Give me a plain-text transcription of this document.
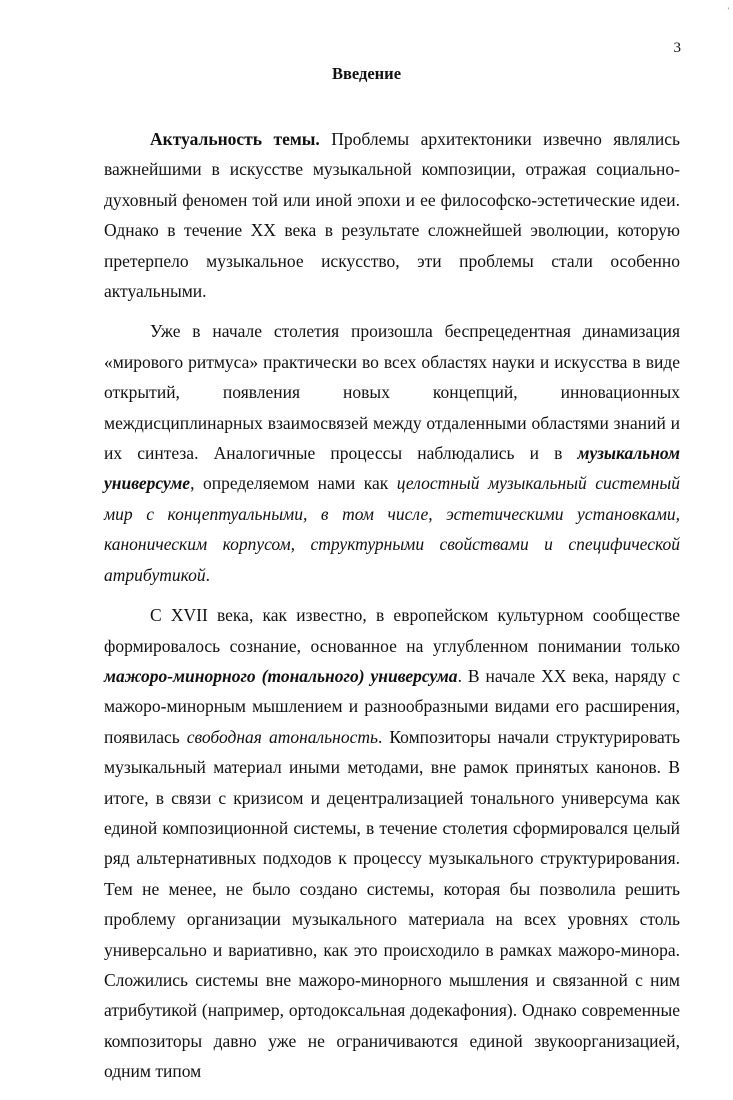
'
3
Введение

Актуальность темы. Проблемы архитектоники извечно являлись важнейшими в искусстве музыкальной композиции, отражая социально-духовный феномен той или иной эпохи и ее философско-эстетические идеи. Однако в течение XX века в результате сложнейшей эволюции, которую претерпело музыкальное искусство, эти проблемы стали особенно актуальными.

Уже в начале столетия произошла беспрецедентная динамизация «мирового ритмуса» практически во всех областях науки и искусства в виде открытий, появления новых концепций, инновационных междисциплинарных взаимосвязей между отдаленными областями знаний и их синтеза. Аналогичные процессы наблюдались и в музыкальном универсуме, определяемом нами как целостный музыкальный системный мир с концептуальными, в том числе, эстетическими установками, каноническим корпусом, структурными свойствами и специфической атрибутикой.

С XVII века, как известно, в европейском культурном сообществе формировалось сознание, основанное на углубленном понимании только мажоро-минорного (тонального) универсума. В начале XX века, наряду с мажоро-минорным мышлением и разнообразными видами его расширения, появилась свободная атональность. Композиторы начали структурировать музыкальный материал иными методами, вне рамок принятых канонов. В итоге, в связи с кризисом и децентрализацией тонального универсума как единой композиционной системы, в течение столетия сформировался целый ряд альтернативных подходов к процессу музыкального структурирования. Тем не менее, не было создано системы, которая бы позволила решить проблему организации музыкального материала на всех уровнях столь универсально и вариативно, как это происходило в рамках мажоро-минора. Сложились системы вне мажоро-минорного мышления и связанной с ним атрибутикой (например, ортодоксальная додекафония). Однако современные композиторы давно уже не ограничиваются единой звукоорганизацией, одним типом
